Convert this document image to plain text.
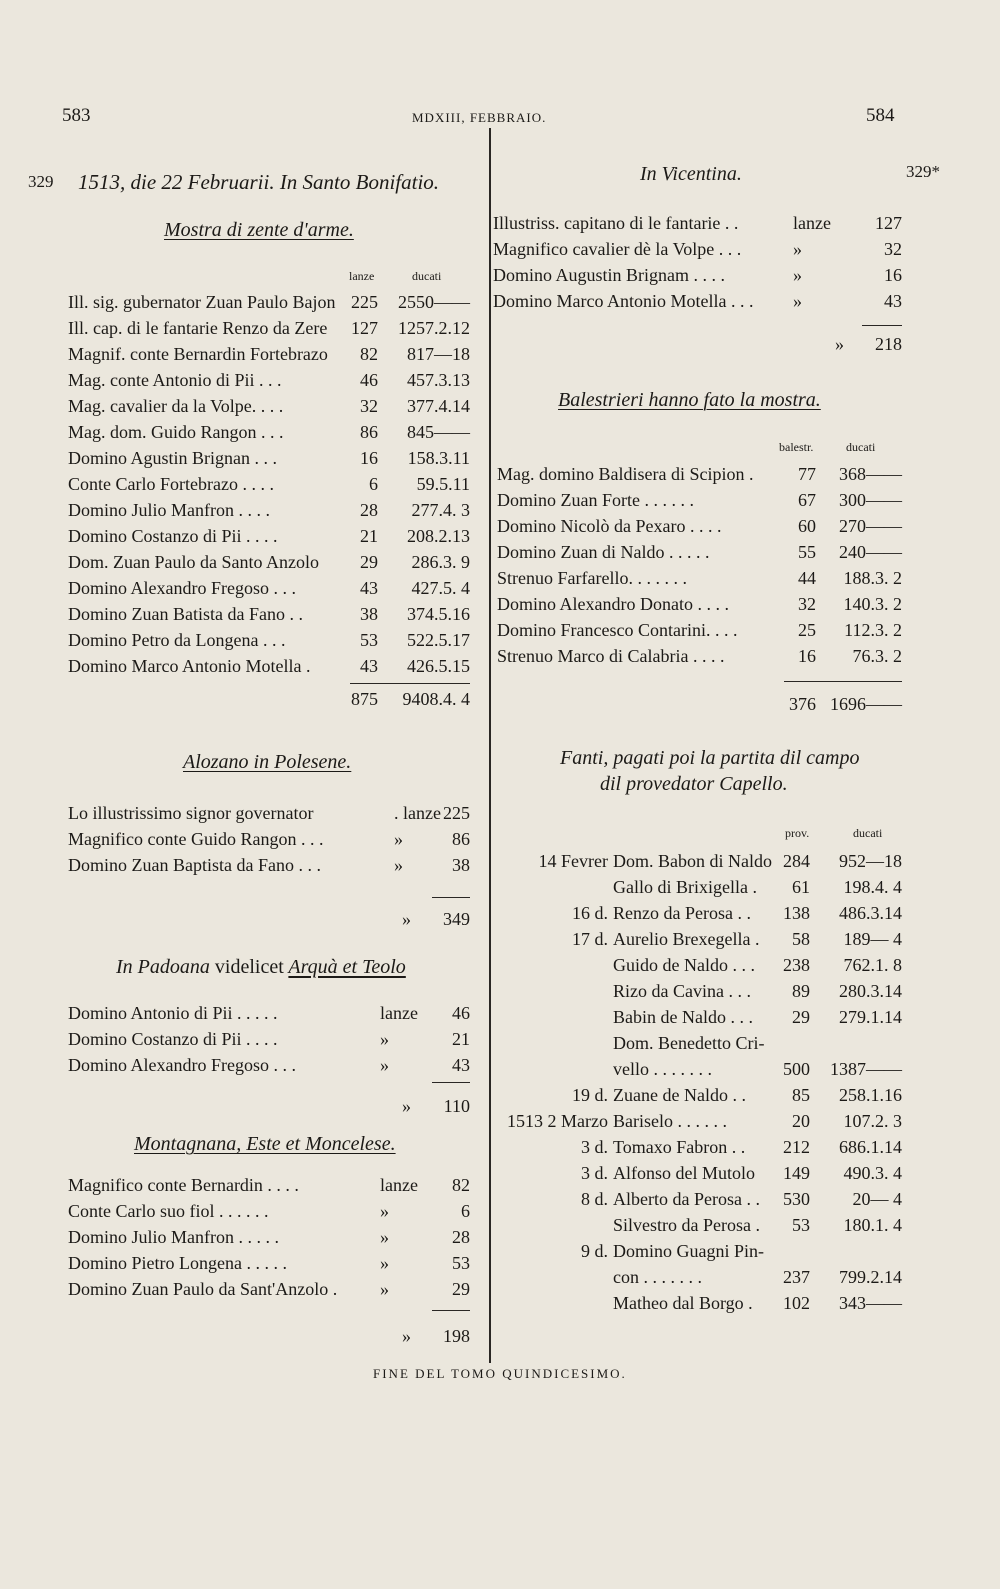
583	MDXIII, FEBBRAIO.	584
329
329*
1513, die 22 Februarii. In Santo Bonifatio.
Mostra di zente d'arme.
lanze	ducati
Ill. sig. gubernator Zuan Paulo Bajon 225	2550——
Ill. cap. di le fantarie Renzo da Zere	127	1257.2.12
Magnif. conte Bernardin Fortebrazo	82	817—18
Mag. conte Antonio di Pii . . .	46	457.3.13
Mag. cavalier da la Volpe. . . .	32	377.4.14
Mag. dom. Guido Rangon . . .	86	845——
Domino Agustin Brignan . . .	16	158.3.11
Conte Carlo Fortebrazo . . . .	6	59.5.11
Domino Julio Manfron . . . .	28	277.4. 3
Domino Costanzo di Pii . . . .	21	208.2.13
Dom. Zuan Paulo da Santo Anzolo	29	286.3. 9
Domino Alexandro Fregoso . . .	43	427.5. 4
Domino Zuan Batista da Fano . .	38	374.5.16
Domino Petro da Longena . . .	53	522.5.17
Domino Marco Antonio Motella .	43	426.5.15
875	9408.4. 4
Alozano in Polesene.
Lo illustrissimo signor governator	. lanze 225
Magnifico conte Guido Rangon . . .	»	86
Domino Zuan Baptista da Fano . . .	»	38
»	349
In Padoana videlicet Arquà et Teolo
Domino Antonio di Pii . . . . .	lanze	46
Domino Costanzo di Pii . . . .	»	21
Domino Alexandro Fregoso . . .	»	43
»	110
Montagnana, Este et Moncelese.
Magnifico conte Bernardin . . . .	lanze	82
Conte Carlo suo fiol . . . . . .	»	6
Domino Julio Manfron . . . . .	»	28
Domino Pietro Longena . . . . .	»	53
Domino Zuan Paulo da Sant'Anzolo . »	29
»	198
In Vicentina.
Illustriss. capitano di le fantarie . .	lanze	127
Magnifico cavalier dè la Volpe . . .	»	32
Domino Augustin Brignam . . . .	»	16
Domino Marco Antonio Motella . . . »	43
»	218
Balestrieri hanno fato la mostra.
balestr.	ducati
Mag. domino Baldisera di Scipion .	77	368——
Domino Zuan Forte . . . . . .	67	300——
Domino Nicolò da Pexaro . . . .	60	270——
Domino Zuan di Naldo . . . . .	55	240——
Strenuo Farfarello. . . . . . .	44	188.3. 2
Domino Alexandro Donato . . . .	32	140.3. 2
Domino Francesco Contarini. . . .	25	112.3. 2
Strenuo Marco di Calabria . . . .	16	76.3. 2
376 1696——
Fanti, pagati poi la partita dil campo
dil provedator Capello.
prov.	ducati
14 Fevrer Dom. Babon di Naldo 284	952—18
Gallo di Brixigella .	61	198.4. 4
16 d. Renzo da Perosa . .	138	486.3.14
17 d. Aurelio Brexegella .	58	189— 4
Guido de Naldo . . .	238	762.1. 8
Rizo da Cavina . . .	89	280.3.14
Babin de Naldo . . .	29	279.1.14
Dom. Benedetto Cri-
vello . . . . . . .	500	1387——
19 d. Zuane de Naldo . .	85	258.1.16
1513 2 Marzo Bariselo . . . . . .	20	107.2. 3
3 d. Tomaxo Fabron . .	212	686.1.14
3 d. Alfonso del Mutolo	149	490.3. 4
8 d. Alberto da Perosa . .	530	20— 4
Silvestro da Perosa .	53	180.1. 4
9 d. Domino Guagni Pin-
con . . . . . . .	237	799.2.14
Matheo dal Borgo .	102	343——
FINE DEL TOMO QUINDICESIMO.
